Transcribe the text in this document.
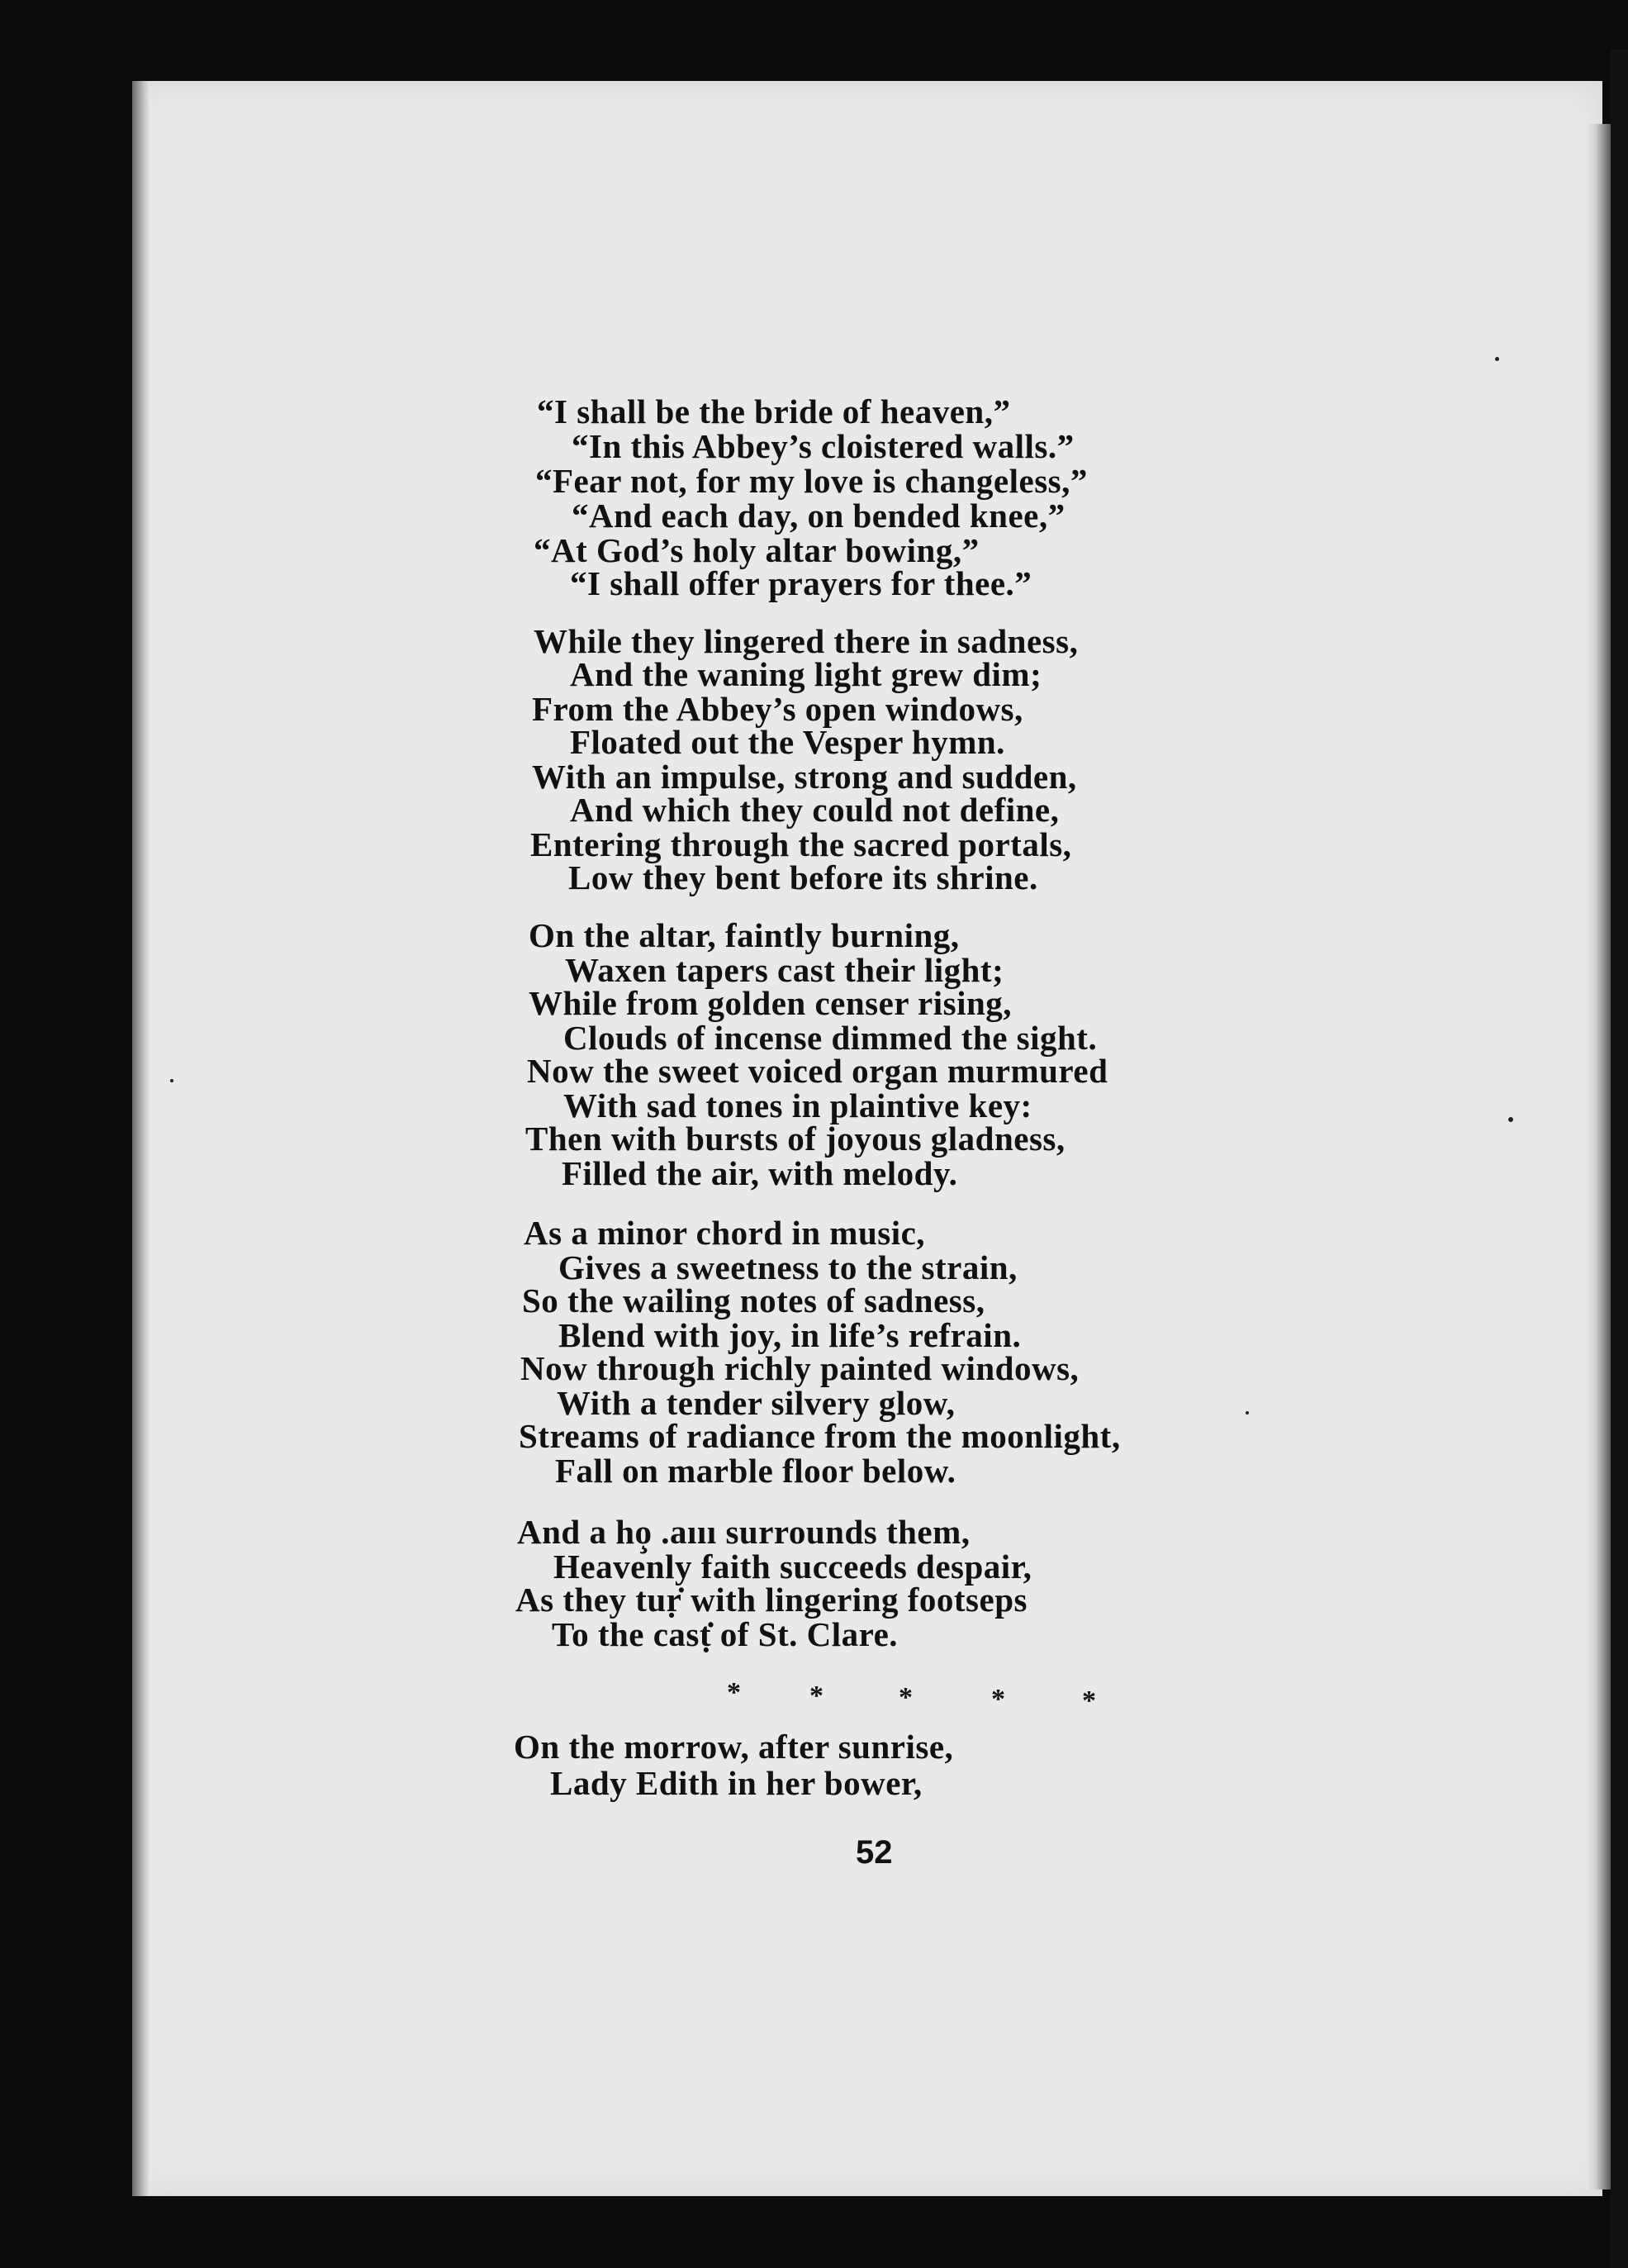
“I shall be the bride of heaven,”
“In this Abbey’s cloistered walls.”
“Fear not, for my love is changeless,”
“And each day, on bended knee,”
“At God’s holy altar bowing,”
“I shall offer prayers for thee.”
While they lingered there in sadness,
And the waning light grew dim;
From the Abbey’s open windows,
Floated out the Vesper hymn.
With an impulse, strong and sudden,
And which they could not define,
Entering through the sacred portals,
Low they bent before its shrine.
On the altar, faintly burning,
Waxen tapers cast their light;
While from golden censer rising,
Clouds of incense dimmed the sight.
Now the sweet voiced organ murmured
With sad tones in plaintive key:
Then with bursts of joyous gladness,
Filled the air, with melody.
As a minor chord in music,
Gives a sweetness to the strain,
So the wailing notes of sadness,
Blend with joy, in life’s refrain.
Now through richly painted windows,
With a tender silvery glow,
Streams of radiance from the moonlight,
Fall on marble floor below.
And a ho̧ .aııı surrounds them,
Heavenly faith succeeds despair,
As they tuṛ̇ with lingering footseps
To the casṭ̇̇ of St. Clare.
* *	*	*	*
On the morrow, after sunrise,
Lady Edith in her bower,
52
